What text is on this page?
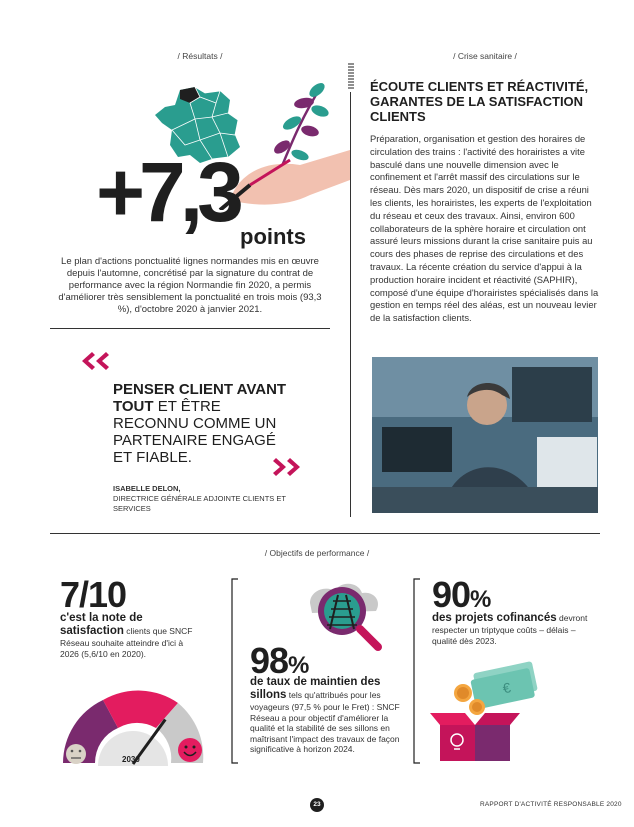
/ Résultats /
+7,3 points
Le plan d'actions ponctualité lignes normandes mis en œuvre depuis l'automne, concrétisé par la signature du contrat de performance avec la région Normandie fin 2020, a permis d'améliorer très sensiblement la ponctualité en trois mois (93,3 %), d'octobre 2020 à janvier 2021.
PENSER CLIENT AVANT TOUT ET ÊTRE RECONNU COMME UN PARTENAIRE ENGAGÉ ET FIABLE.
ISABELLE DELON,
DIRECTRICE GÉNÉRALE ADJOINTE CLIENTS ET SERVICES
/ Crise sanitaire /
ÉCOUTE CLIENTS ET RÉACTIVITÉ, GARANTES DE LA SATISFACTION CLIENTS
Préparation, organisation et gestion des horaires de circulation des trains : l'activité des horairistes a vite basculé dans une nouvelle dimension avec le confinement et l'arrêt massif des circulations sur le réseau. Dès mars 2020, un dispositif de crise a réuni les clients, les horairistes, les experts de l'exploitation du réseau et ceux des travaux. Ainsi, environ 600 collaborateurs de la sphère horaire et circulation ont assuré leurs missions durant la crise sanitaire puis au cours des phases de reprise des circulations et des travaux. La récente création du service d'appui à la production horaire incident et réactivité (SAPHIR), composé d'une équipe d'horairistes spécialisés dans la gestion en temps réel des aléas, est un nouveau levier de la satisfaction clients.
/ Objectifs de performance /
7/10
c'est la note de satisfaction clients que SNCF Réseau souhaite atteindre d'ici à 2026 (5,6/10 en 2020).
2030
98%
de taux de maintien des sillons tels qu'attribués pour les voyageurs (97,5 % pour le Fret) : SNCF Réseau a pour objectif d'améliorer la qualité et la stabilité de ses sillons en maîtrisant l'impact des travaux de façon significative à horizon 2024.
90%
des projets cofinancés devront respecter un triptyque coûts – délais – qualité dès 2023.
€
23	RAPPORT D'ACTIVITÉ RESPONSABLE 2020
